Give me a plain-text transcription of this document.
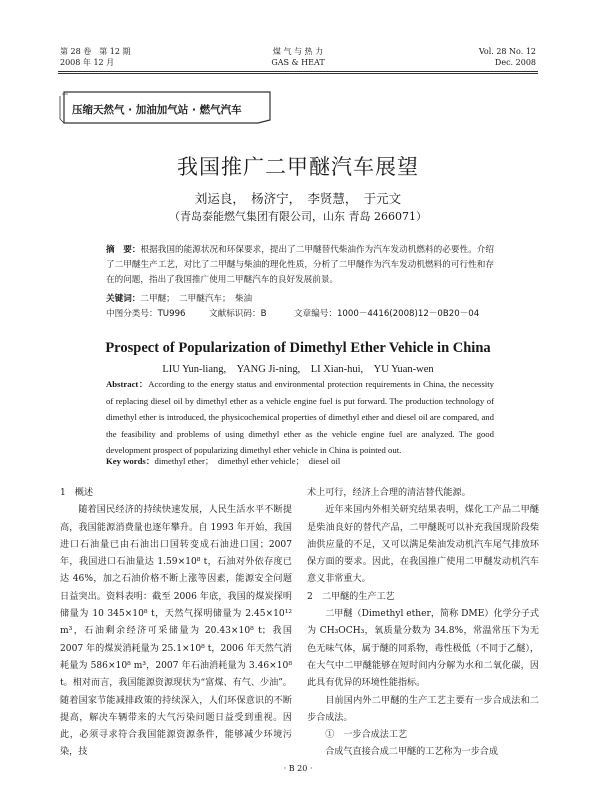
第 28 卷　第 12 期
2008 年 12 月
煤 气 与 热 力
GAS & HEAT
Vol. 28 No. 12
Dec. 2008
压缩天然气 · 加油加气站 · 燃气汽车
我国推广二甲醚汽车展望
刘运良，　杨济宁，　李贤慧，　于元文
（青岛泰能燃气集团有限公司，山东 青岛 266071）
摘　要：根据我国的能源状况和环保要求，提出了二甲醚替代柴油作为汽车发动机燃料的必要性。介绍了二甲醚生产工艺，对比了二甲醚与柴油的理化性质，分析了二甲醚作为汽车发动机燃料的可行性和存在的问题，指出了我国推广使用二甲醚汽车的良好发展前景。
关键词：二甲醚；　二甲醚汽车；　柴油
中图分类号：TU996	文献标识码：B	文章编号：1000－4416(2008)12－0B20－04
Prospect of Popularization of Dimethyl Ether Vehicle in China
LIU Yun-liang,　YANG Ji-ning,　LI Xian-hui,　YU Yuan-wen
Abstract：According to the energy status and environmental protection requirements in China, the necessity of replacing diesel oil by dimethyl ether as a vehicle engine fuel is put forward. The production technology of dimethyl ether is introduced, the physicochemical properties of dimethyl ether and diesel oil are compared, and the feasibility and problems of using dimethyl ether as the vehicle engine fuel are analyzed. The good development prospect of popularizing dimethyl ether vehicle in China is pointed out.
Key words：dimethyl ether；　dimethyl ether vehicle；　diesel oil

1　概述

随着国民经济的持续快速发展，人民生活水平不断提高，我国能源消费量也逐年攀升。自 1993 年开始，我国进口石油量已由石油出口国转变成石油进口国；2007 年，我国进口石油量达 1.59×10⁸ t，石油对外依存度已达 46%，加之石油价格不断上涨等因素，能源安全问题日益突出。资料表明：截至 2006 年底，我国的煤炭探明储量为 10 345×10⁸ t，天然气探明储量为 2.45×10¹² m³，石油剩余经济可采储量为 20.43×10⁸ t；我国 2007 年的煤炭消耗量为 25.1×10⁸ t，2006 年天然气消耗量为 586×10⁸ m³，2007 年石油消耗量为 3.46×10⁸ t。相对而言，我国能源资源现状为“富煤、有气、少油”。随着国家节能减排政策的持续深入，人们环保意识的不断提高，解决车辆带来的大气污染问题日益受到重视。因此，必须寻求符合我国能源资源条件，能够减少环境污染，技

术上可行，经济上合理的清洁替代能源。

近年来国内外相关研究结果表明，煤化工产品二甲醚是柴油良好的替代产品，二甲醚既可以补充我国现阶段柴油供应量的不足，又可以满足柴油发动机汽车尾气排放环保方面的要求。因此，在我国推广使用二甲醚发动机汽车意义非常重大。

2　二甲醚的生产工艺

二甲醚（Dimethyl ether，简称 DME）化学分子式为 CH₃OCH₃，氧质量分数为 34.8%，常温常压下为无色无味气体，属于醚的同系物，毒性极低（不同于乙醚），在大气中二甲醚能够在短时间内分解为水和二氧化碳，因此具有优异的环境性能指标。

目前国内外二甲醚的生产工艺主要有一步合成法和二步合成法。

①　一步合成法工艺

合成气直接合成二甲醚的工艺称为一步合成

· B 20 ·
